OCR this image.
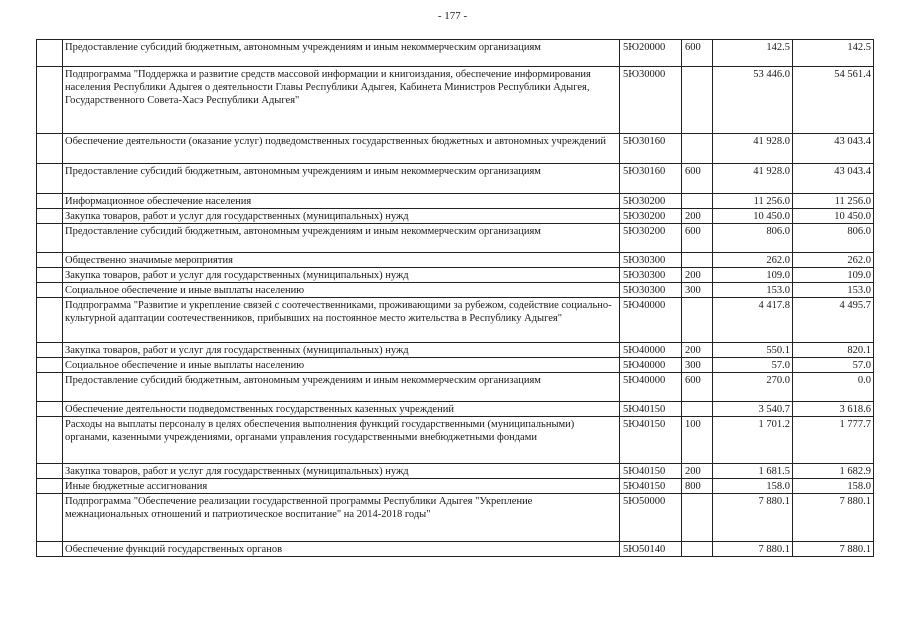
- 177 -
	Предоставление субсидий бюджетным, автономным учреждениям и иным некоммерческим организациям	5Ю20000	600	142.5	142.5
	Подпрограмма "Поддержка и развитие средств массовой информации и книгоиздания, обеспечение информирования населения Республики Адыгея о деятельности Главы Республики Адыгея, Кабинета Министров Республики Адыгея, Государственного Совета-Хасэ Республики Адыгея"	5Ю30000		53 446.0	54 561.4
	Обеспечение деятельности (оказание услуг) подведомственных государственных бюджетных и автономных учреждений	5Ю30160		41 928.0	43 043.4
	Предоставление субсидий бюджетным, автономным учреждениям и иным некоммерческим организациям	5Ю30160	600	41 928.0	43 043.4
	Информационное обеспечение населения	5Ю30200		11 256.0	11 256.0
	Закупка товаров, работ и услуг для государственных (муниципальных) нужд	5Ю30200	200	10 450.0	10 450.0
	Предоставление субсидий бюджетным, автономным учреждениям и иным некоммерческим организациям	5Ю30200	600	806.0	806.0
	Общественно значимые мероприятия	5Ю30300		262.0	262.0
	Закупка товаров, работ и услуг для государственных (муниципальных) нужд	5Ю30300	200	109.0	109.0
	Социальное обеспечение и иные выплаты населению	5Ю30300	300	153.0	153.0
	Подпрограмма "Развитие и укрепление связей с соотечественниками, проживающими за рубежом, содействие социально-культурной адаптации соотечественников, прибывших на постоянное место жительства в Республику Адыгея"	5Ю40000		4 417.8	4 495.7
	Закупка товаров, работ и услуг для государственных (муниципальных) нужд	5Ю40000	200	550.1	820.1
	Социальное обеспечение и иные выплаты населению	5Ю40000	300	57.0	57.0
	Предоставление субсидий бюджетным, автономным учреждениям и иным некоммерческим организациям	5Ю40000	600	270.0	0.0
	Обеспечение деятельности подведомственных государственных казенных учреждений	5Ю40150		3 540.7	3 618.6
	Расходы на выплаты персоналу в целях обеспечения выполнения функций государственными (муниципальными) органами, казенными учреждениями, органами управления государственными внебюджетными фондами	5Ю40150	100	1 701.2	1 777.7
	Закупка товаров, работ и услуг для государственных (муниципальных) нужд	5Ю40150	200	1 681.5	1 682.9
	Иные бюджетные ассигнования	5Ю40150	800	158.0	158.0
	Подпрограмма "Обеспечение реализации государственной программы Республики Адыгея "Укрепление межнациональных отношений и патриотическое воспитание" на 2014-2018 годы"	5Ю50000		7 880.1	7 880.1
	Обеспечение функций государственных органов	5Ю50140		7 880.1	7 880.1
